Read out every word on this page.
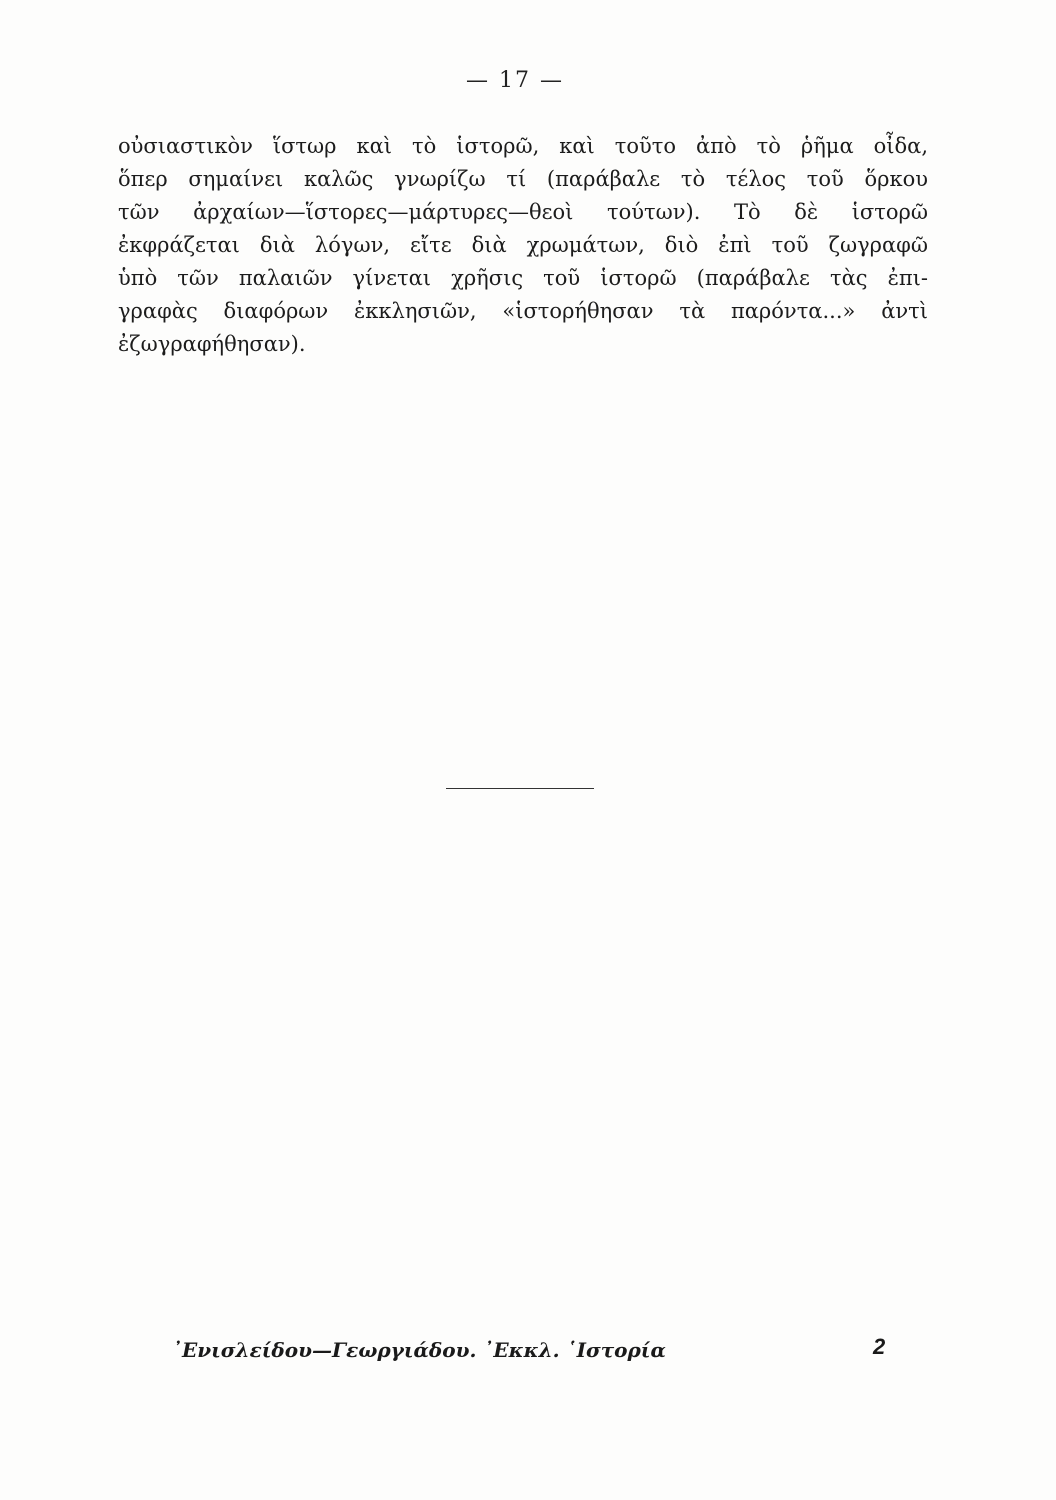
— 17 —
οὐσιαστικὸν ἵστωρ καὶ τὸ ἱστορῶ, καὶ τοῦτο ἀπὸ τὸ ῥῆμα οἶδα,
ὅπερ σημαίνει καλῶς γνωρίζω τί (παράβαλε τὸ τέλος τοῦ ὅρκου
τῶν ἀρχαίων—ἵστορες—μάρτυρες—θεοὶ τούτων). Τὸ δὲ ἱστορῶ
ἐκφράζεται διὰ λόγων, εἴτε διὰ χρωμάτων, διὸ ἐπὶ τοῦ ζωγραφῶ
ὑπὸ τῶν παλαιῶν γίνεται χρῆσις τοῦ ἱστορῶ (παράβαλε τὰς ἐπι-
γραφὰς διαφόρων ἐκκλησιῶν, «ἱστορήθησαν τὰ παρόντα...» ἀντὶ
ἐζωγραφήθησαν).
᾿Ενισλείδου—Γεωργιάδου. ᾿Εκκλ. ῾Ιστορία	2
